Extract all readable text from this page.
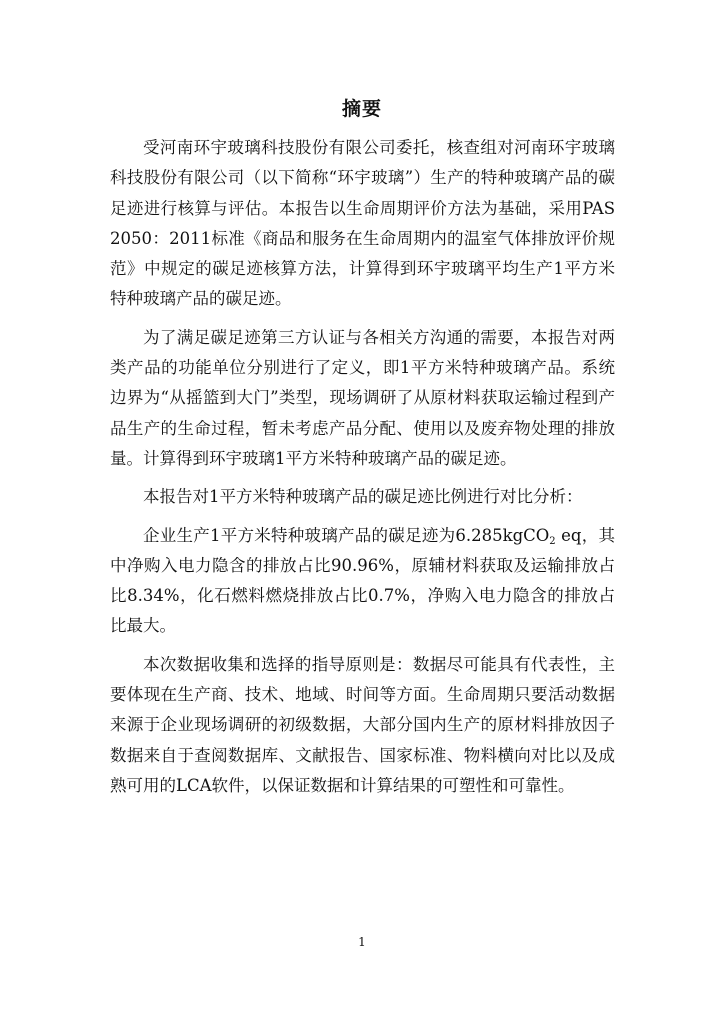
摘要

受河南环宇玻璃科技股份有限公司委托，核查组对河南环宇玻璃科技股份有限公司（以下简称“环宇玻璃”）生产的特种玻璃产品的碳足迹进行核算与评估。本报告以生命周期评价方法为基础，采用PAS 2050：2011标准《商品和服务在生命周期内的温室气体排放评价规范》中规定的碳足迹核算方法，计算得到环宇玻璃平均生产1平方米特种玻璃产品的碳足迹。

为了满足碳足迹第三方认证与各相关方沟通的需要，本报告对两类产品的功能单位分别进行了定义，即1平方米特种玻璃产品。系统边界为“从摇篮到大门”类型，现场调研了从原材料获取运输过程到产品生产的生命过程，暂未考虑产品分配、使用以及废弃物处理的排放量。计算得到环宇玻璃1平方米特种玻璃产品的碳足迹。

本报告对1平方米特种玻璃产品的碳足迹比例进行对比分析：

企业生产1平方米特种玻璃产品的碳足迹为6.285kgCO$_2$ eq，其中净购入电力隐含的排放占比90.96%，原辅材料获取及运输排放占比8.34%，化石燃料燃烧排放占比0.7%，净购入电力隐含的排放占比最大。

本次数据收集和选择的指导原则是：数据尽可能具有代表性，主要体现在生产商、技术、地域、时间等方面。生命周期只要活动数据来源于企业现场调研的初级数据，大部分国内生产的原材料排放因子数据来自于查阅数据库、文献报告、国家标准、物料横向对比以及成熟可用的LCA软件，以保证数据和计算结果的可塑性和可靠性。

1
